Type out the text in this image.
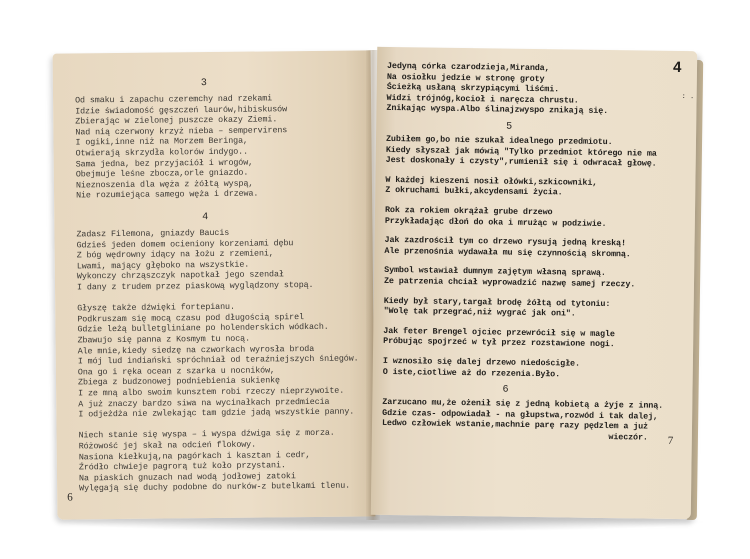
3
Od smaku i zapachu czeremchy nad rzekami
Idzie świadomość gęszczeń laurów,hibiskusów
Zbierając w zielonej puszcze okazy Ziemi.
Nad nią czerwony krzyż nieba – sempervirens
I ogiki,inne niż na Morzem Beringa,
Otwierają skrzydła kolorów indygo..
Sama jedna, bez przyjaciół i wrogów,
Obejmuje leśne zbocza,orle gniazdo.
Nieznoszenia dla węża z żółtą wyspą,
Nie rozumiejąca samego węża i drzewa.
4
Zadasz Filemona, gniazdy Baucis
Gdzieś jeden domem ocieniony korzeniami dębu
Z bóg wędrowny idący na łożu z rzemieni,
Lwami, mający głęboko na wszystkie.
Wykonczy chrząszczyk napotkał jego szendał
I dany z trudem przez piaskową wyglądzony stopą.
Głyszę także dźwięki fortepianu.
Podkruszam się mocą czasu pod długością spirel
Gdzie leżą bulletgliniane po holenderskich wódkach.
Zbawujo się panna z Kosmym tu nocą.
Ale mnie,kiedy siedzę na czworkach wyrosła broda
I mój lud indiański spróchniał od teraźniejszych śniegów.
Ona go i ręka ocean z szarka u nocników,
Zbiega z budzonowej podniebienia sukienkę
I ze mną albo swoim kunsztem robi rzeczy nieprzywoite.
A już znaczy bardzo siwa na wycinałkach przedmiecia
I odjeżdża nie zwlekając tam gdzie jadą wszystkie panny.
Niech stanie się wyspa – i wyspa dźwiga się z morza.
Różowość jej skał na odcień flokowy.
Nasiona kiełkują,na pagórkach i kasztan i cedr,
Źródło chwieje pagrorą tuż koło przystani.
Na piaskich gnuzach nad wodą jodłowej zatoki
Wylęgają się duchy podobne do nurków-z butelkami tlenu.
6
4
: .
Jedyną córka czarodzieja,Miranda,
Na osiołku jedzie w stronę groty
Ścieżką usłaną skrzypiącymi liśćmi.
Widzi trójnóg,kocioł i naręcza chrustu.
Znikając wyspa.Albo ślinajzwyspo znikają się.
5
Zubiłem go,bo nie szukał idealnego przedmiotu.
Kiedy słyszał jak mówią "Tylko przedmiot którego nie ma
Jest doskonały i czysty",rumienił się i odwracał głowę.
W każdej kieszeni nosił ołówki,szkicowniki,
Z okruchami bułki,akcydensami życia.
Rok za rokiem okrążał grube drzewo
Przykładając dłoń do oka i mrużąc w podziwie.
Jak zazdrościł tym co drzewo rysują jedną kreską!
Ale przenośnia wydawała mu się czynnością skromną.
Symbol wstawiał dumnym zajętym własną sprawą.
Ze patrzenia chciał wyprowadzić nazwę samej rzeczy.
Kiedy był stary,targał brodę żółtą od tytoniu:
"Wolę tak przegrać,niż wygrać jak oni".
Jak feter Brengel ojciec przewrócił się w magle
Próbując spojrzeć w tył przez rozstawione nogi.
I wznosiło się dalej drzewo niedościgłe.
O iste,ciotliwe aż do rzezenia.Było.
6
Zarzucano mu,że ożenił się z jedną kobietą a żyje z inną.
Gdzie czas- odpowiadał - na głupstwa,rozwód i tak dalej,
Ledwo człowiek wstanie,machnie parę razy pędzlem a już
wieczór. 7
